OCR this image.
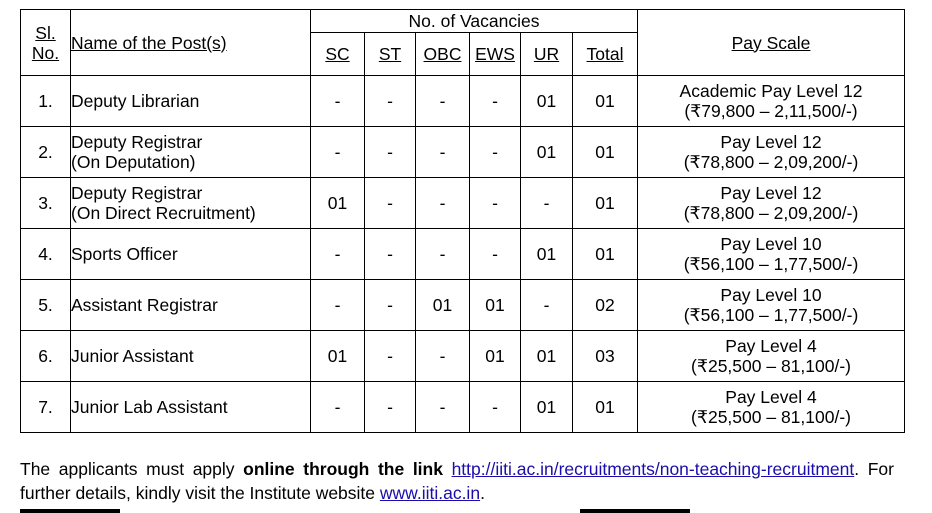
Sl.
No.	Name of the Post(s)	No. of Vacancies						Pay Scale
		SC	ST	OBC	EWS	UR	Total	
1.	Deputy Librarian	-	-	-	-	01	01	Academic Pay Level 12
(₹79,800 – 2,11,500/-)
2.	Deputy Registrar
(On Deputation)	-	-	-	-	01	01	Pay Level 12
(₹78,800 – 2,09,200/-)
3.	Deputy Registrar
(On Direct Recruitment)	01	-	-	-	-	01	Pay Level 12
(₹78,800 – 2,09,200/-)
4.	Sports Officer	-	-	-	-	01	01	Pay Level 10
(₹56,100 – 1,77,500/-)
5.	Assistant Registrar	-	-	01	01	-	02	Pay Level 10
(₹56,100 – 1,77,500/-)
6.	Junior Assistant	01	-	-	01	01	03	Pay Level 4
(₹25,500 – 81,100/-)
7.	Junior Lab Assistant	-	-	-	-	01	01	Pay Level 4
(₹25,500 – 81,100/-)
The applicants must apply online through the link http://iiti.ac.in/recruitments/non-teaching-recruitment. For further details, kindly visit the Institute website www.iiti.ac.in.
